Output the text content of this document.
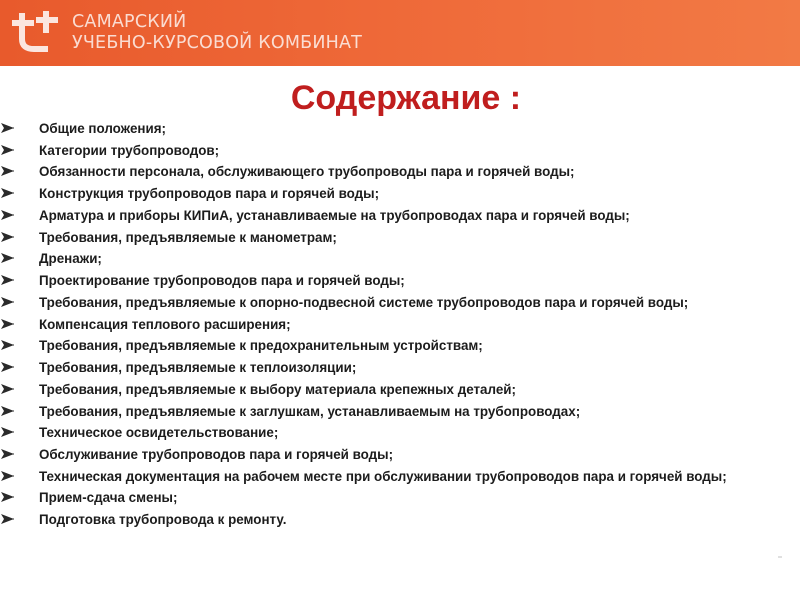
САМАРСКИЙ
УЧЕБНО-КУРСОВОЙ КОМБИНАТ
Содержание :
Общие положения;
Категории трубопроводов;
Обязанности персонала, обслуживающего трубопроводы пара и горячей воды;
Конструкция трубопроводов пара и горячей воды;
Арматура и приборы КИПиА, устанавливаемые на трубопроводах пара и горячей воды;
Требования, предъявляемые к манометрам;
Дренажи;
Проектирование трубопроводов пара и горячей воды;
Требования, предъявляемые к опорно-подвесной системе трубопроводов пара и горячей воды;
Компенсация теплового расширения;
Требования, предъявляемые к предохранительным устройствам;
Требования, предъявляемые к теплоизоляции;
Требования, предъявляемые к выбору материала крепежных деталей;
Требования, предъявляемые к заглушкам, устанавливаемым на трубопроводах;
Техническое освидетельствование;
Обслуживание трубопроводов пара и горячей воды;
Техническая документация на рабочем месте при обслуживании трубопроводов пара и горячей воды;
Прием-сдача смены;
Подготовка трубопровода к ремонту.
